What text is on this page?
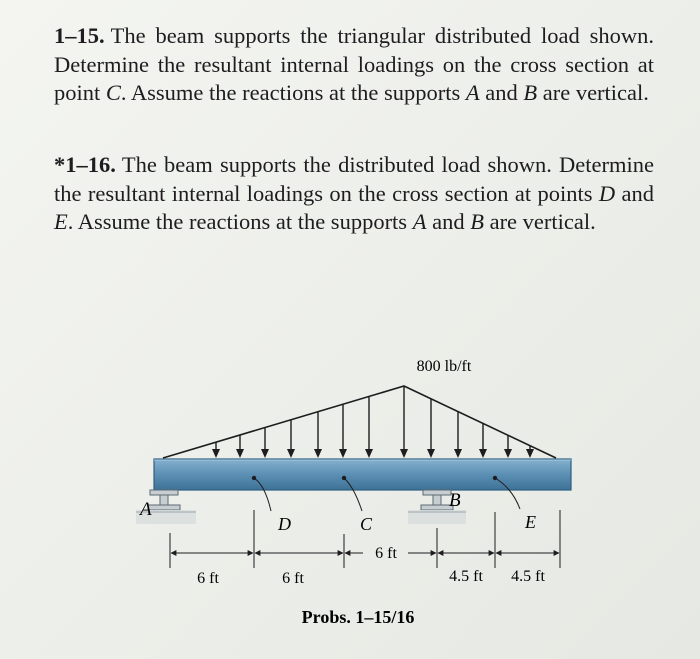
1–15. The beam supports the triangular distributed load shown. Determine the resultant internal loadings on the cross section at point C. Assume the reactions at the supports A and B are vertical.
*1–16. The beam supports the distributed load shown. Determine the resultant internal loadings on the cross section at points D and E. Assume the reactions at the supports A and B are vertical.
800 lb/ft
A	B
C
D	E
6 ft	6 ft
6 ft
4.5 ft 4.5 ft
Probs. 1–15/16
